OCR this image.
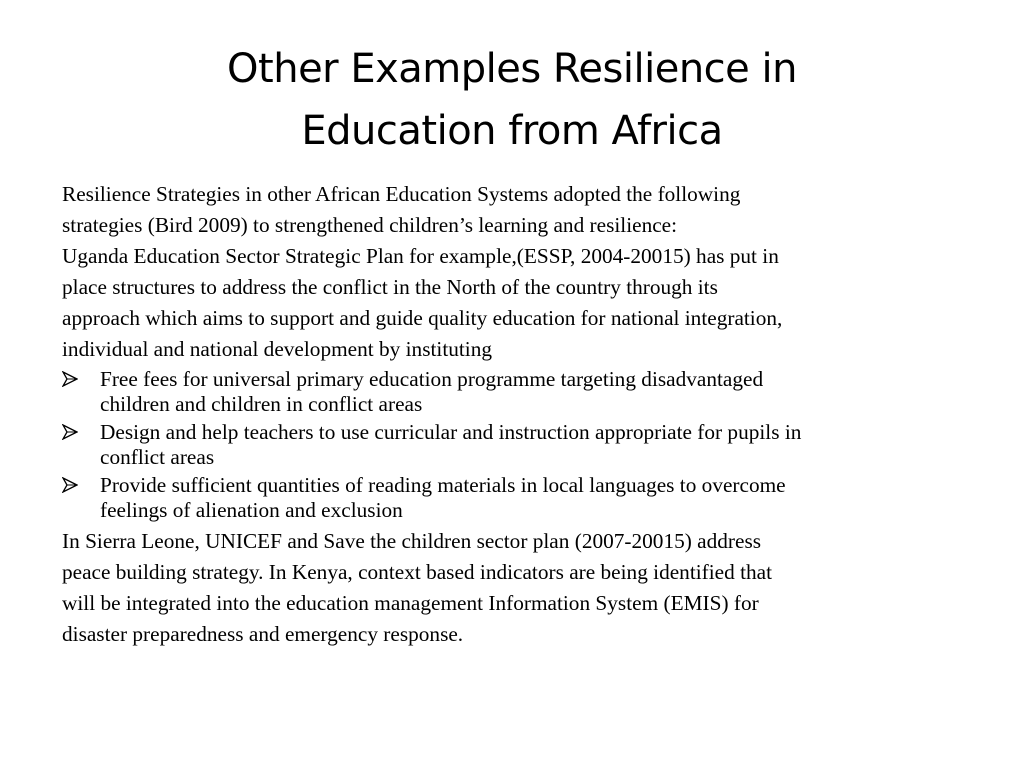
Other Examples Resilience in
Education from Africa
Resilience Strategies in other African Education Systems adopted the following
strategies (Bird 2009) to strengthened children’s learning and resilience:
Uganda Education Sector Strategic Plan for example,(ESSP, 2004-20015) has put in
place structures to address the conflict in the North of the country through its
approach which aims to support and guide quality education for national integration,
individual and national development by instituting
Free fees for universal primary education programme targeting disadvantaged
children and children in conflict areas
Design and help teachers to use curricular and instruction appropriate for pupils in
conflict areas
Provide sufficient quantities of reading materials in local languages to overcome
feelings of alienation and exclusion
In Sierra Leone, UNICEF and Save the children sector plan (2007-20015) address
peace building strategy. In Kenya, context based indicators are being identified that
will be integrated into the education management Information System (EMIS) for
disaster preparedness and emergency response.
